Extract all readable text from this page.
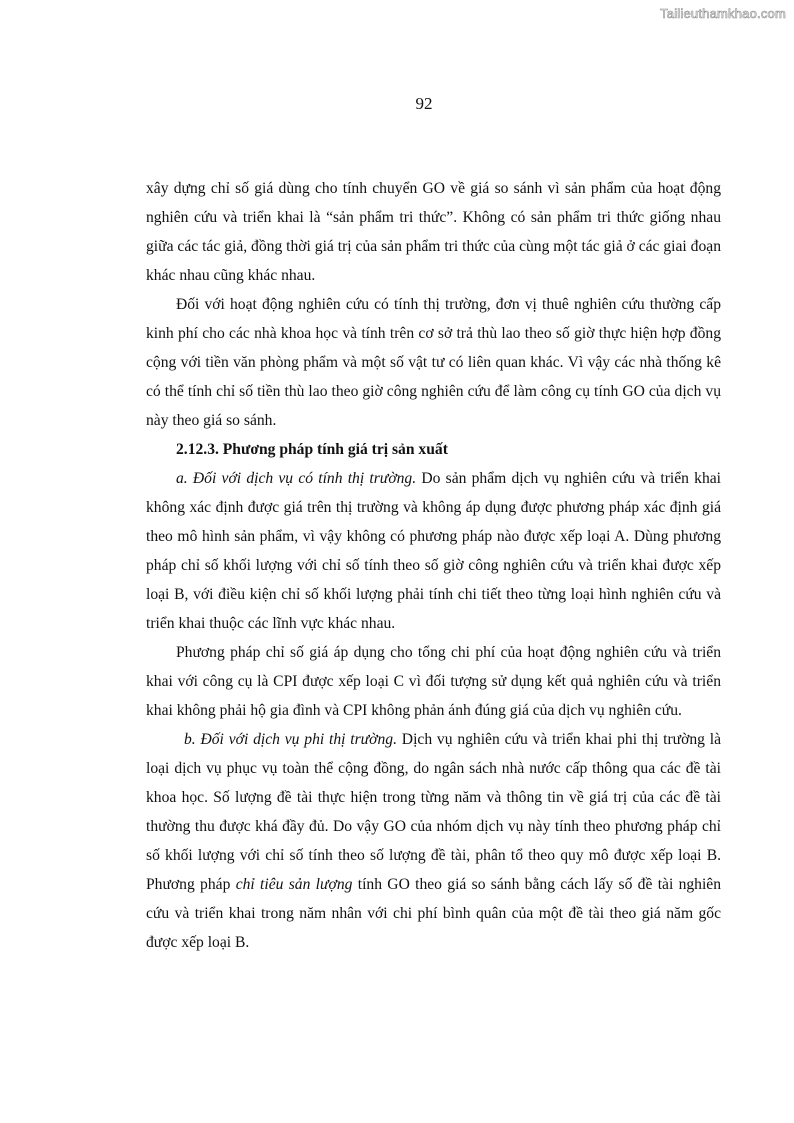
Tailieuthamkhao.com
92

xây dựng chỉ số giá dùng cho tính chuyển GO về giá so sánh vì sản phẩm của hoạt động nghiên cứu và triển khai là “sản phẩm tri thức”. Không có sản phẩm tri thức giống nhau giữa các tác giả, đồng thời giá trị của sản phẩm tri thức của cùng một tác giả ở các giai đoạn khác nhau cũng khác nhau.

Đối với hoạt động nghiên cứu có tính thị trường, đơn vị thuê nghiên cứu thường cấp kinh phí cho các nhà khoa học và tính trên cơ sở trả thù lao theo số giờ thực hiện hợp đồng cộng với tiền văn phòng phẩm và một số vật tư có liên quan khác. Vì vậy các nhà thống kê có thể tính chỉ số tiền thù lao theo giờ công nghiên cứu để làm công cụ tính GO của dịch vụ này theo giá so sánh.

2.12.3. Phương pháp tính giá trị sản xuất

a. Đối với dịch vụ có tính thị trường. Do sản phẩm dịch vụ nghiên cứu và triển khai không xác định được giá trên thị trường và không áp dụng được phương pháp xác định giá theo mô hình sản phẩm, vì vậy không có phương pháp nào được xếp loại A. Dùng phương pháp chỉ số khối lượng với chỉ số tính theo số giờ công nghiên cứu và triển khai được xếp loại B, với điều kiện chỉ số khối lượng phải tính chi tiết theo từng loại hình nghiên cứu và triển khai thuộc các lĩnh vực khác nhau.

Phương pháp chỉ số giá áp dụng cho tổng chi phí của hoạt động nghiên cứu và triển khai với công cụ là CPI được xếp loại C vì đối tượng sử dụng kết quả nghiên cứu và triển khai không phải hộ gia đình và CPI không phản ánh đúng giá của dịch vụ nghiên cứu.

b. Đối với dịch vụ phi thị trường. Dịch vụ nghiên cứu và triển khai phi thị trường là loại dịch vụ phục vụ toàn thể cộng đồng, do ngân sách nhà nước cấp thông qua các đề tài khoa học. Số lượng đề tài thực hiện trong từng năm và thông tin về giá trị của các đề tài thường thu được khá đầy đủ. Do vậy GO của nhóm dịch vụ này tính theo phương pháp chỉ số khối lượng với chỉ số tính theo số lượng đề tài, phân tổ theo quy mô được xếp loại B. Phương pháp chỉ tiêu sản lượng tính GO theo giá so sánh bằng cách lấy số đề tài nghiên cứu và triển khai trong năm nhân với chi phí bình quân của một đề tài theo giá năm gốc được xếp loại B.
